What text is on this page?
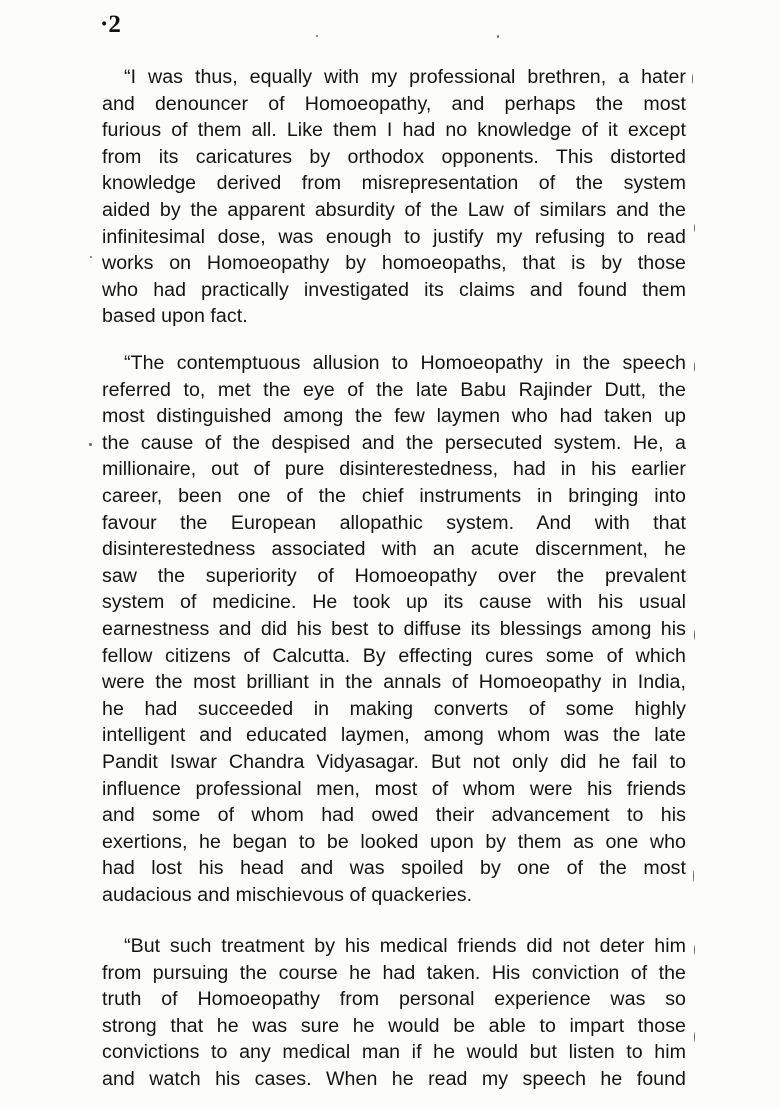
·2
“I was thus, equally with my professional brethren, a hater
and denouncer of Homoeopathy, and perhaps the most
furious of them all. Like them I had no knowledge of it except
from its caricatures by orthodox opponents. This distorted
knowledge derived from misrepresentation of the system
aided by the apparent absurdity of the Law of similars and the
infinitesimal dose, was enough to justify my refusing to read
works on Homoeopathy by homoeopaths, that is by those
who had practically investigated its claims and found them
based upon fact.
“The contemptuous allusion to Homoeopathy in the speech
referred to, met the eye of the late Babu Rajinder Dutt, the
most distinguished among the few laymen who had taken up
the cause of the despised and the persecuted system. He, a
millionaire, out of pure disinterestedness, had in his earlier
career, been one of the chief instruments in bringing into
favour the European allopathic system. And with that
disinterestedness associated with an acute discernment, he
saw the superiority of Homoeopathy over the prevalent
system of medicine. He took up its cause with his usual
earnestness and did his best to diffuse its blessings among his
fellow citizens of Calcutta. By effecting cures some of which
were the most brilliant in the annals of Homoeopathy in India,
he had succeeded in making converts of some highly
intelligent and educated laymen, among whom was the late
Pandit Iswar Chandra Vidyasagar. But not only did he fail to
influence professional men, most of whom were his friends
and some of whom had owed their advancement to his
exertions, he began to be looked upon by them as one who
had lost his head and was spoiled by one of the most
audacious and mischievous of quackeries.
“But such treatment by his medical friends did not deter him
from pursuing the course he had taken. His conviction of the
truth of Homoeopathy from personal experience was so
strong that he was sure he would be able to impart those
convictions to any medical man if he would but listen to him
and watch his cases. When he read my speech he found
